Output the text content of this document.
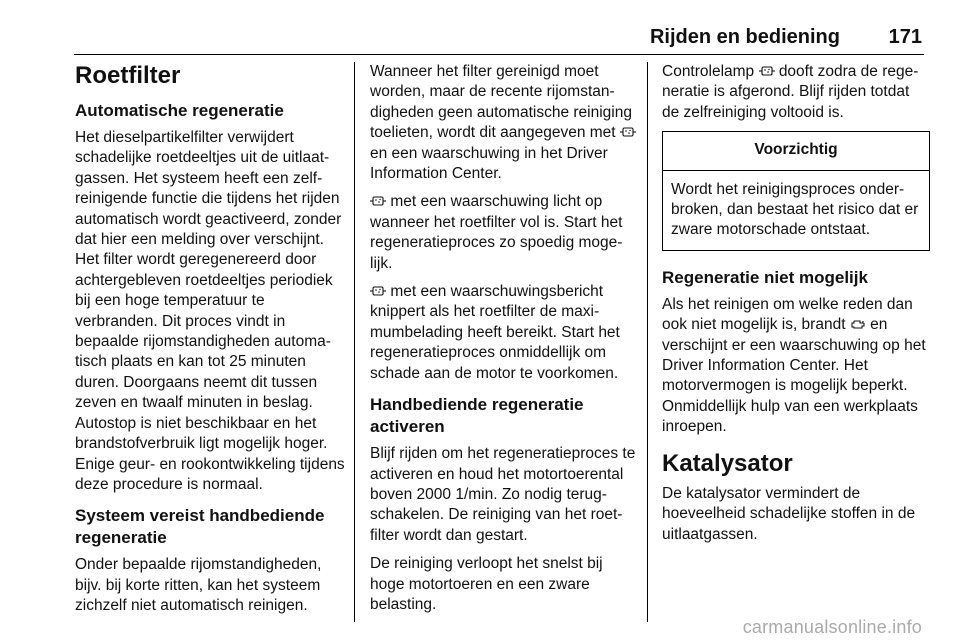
Rijden en bediening 171
Roetfilter
Automatische regeneratie

Het dieselpartikelfilter verwijdert schadelijke roetdeeltjes uit de uitlaatgassen. Het systeem heeft een zelfreinigende functie die tijdens het rijden automatisch wordt geactiveerd, zonder dat hier een melding over verschijnt. Het filter wordt geregenereerd door achtergebleven roetdeeltjes periodiek bij een hoge temperatuur te verbranden. Dit proces vindt in bepaalde rijomstandigheden automatisch plaats en kan tot 25 minuten duren. Doorgaans neemt dit tussen zeven en twaalf minuten in beslag. Autostop is niet beschikbaar en het brandstofverbruik ligt mogelijk hoger. Enige geur- en rookontwikkeling tijdens deze procedure is normaal.

Systeem vereist handbediende regeneratie

Onder bepaalde rijomstandigheden, bijv. bij korte ritten, kan het systeem zichzelf niet automatisch reinigen.

Wanneer het filter gereinigd moet worden, maar de recente rijomstandigheden geen automatische reiniging toelieten, wordt dit aangegeven met  en een waarschuwing in het Driver Information Center.

met een waarschuwing licht op wanneer het roetfilter vol is. Start het regeneratieproces zo spoedig mogelijk.

met een waarschuwingsbericht knippert als het roetfilter de maximumbelading heeft bereikt. Start het regeneratieproces onmiddellijk om schade aan de motor te voorkomen.

Handbediende regeneratie activeren

Blijf rijden om het regeneratieproces te activeren en houd het motortoerental boven 2000 1/min. Zo nodig terugschakelen. De reiniging van het roetfilter wordt dan gestart.

De reiniging verloopt het snelst bij hoge motortoeren en een zware belasting.

Controlelamp dooft zodra de regeneratie is afgerond. Blijf rijden totdat de zelfreiniging voltooid is.

Voorzichtig
Wordt het reinigingsproces onderbroken, dan bestaat het risico dat er zware motorschade ontstaat.
Regeneratie niet mogelijk

Als het reinigen om welke reden dan ook niet mogelijk is, brandt en verschijnt er een waarschuwing op het Driver Information Center. Het motorvermogen is mogelijk beperkt. Onmiddellijk hulp van een werkplaats inroepen.

Katalysator

De katalysator vermindert de hoeveelheid schadelijke stoffen in de uitlaatgassen.

carmanualsonline.info
